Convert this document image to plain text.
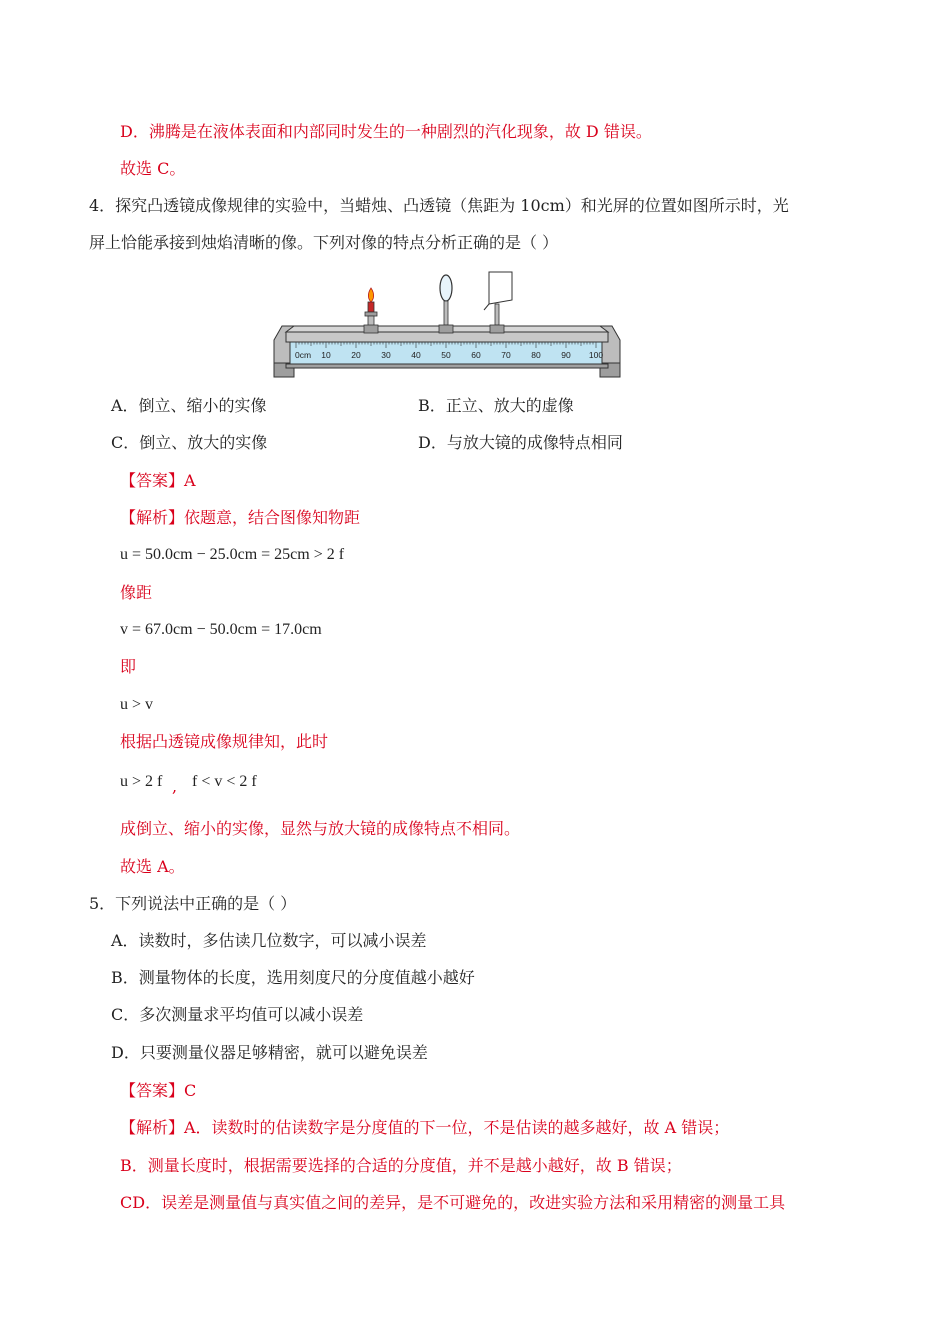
D．沸腾是在液体表面和内部同时发生的一种剧烈的汽化现象，故 D 错误。
故选 C。
4．探究凸透镜成像规律的实验中，当蜡烛、凸透镜（焦距为 10cm）和光屏的位置如图所示时，光
屏上恰能承接到烛焰清晰的像。下列对像的特点分析正确的是（ ）
0cm 10 20 30 40 50 60 70 80 90 100
A．倒立、缩小的实像	B．正立、放大的虚像
C．倒立、放大的实像	D．与放大镜的成像特点相同
【答案】A
【解析】依题意，结合图像知物距
u = 50.0cm − 25.0cm = 25cm > 2 f
像距
v = 67.0cm − 50.0cm = 17.0cm
即
u > v
根据凸透镜成像规律知，此时
u > 2 f , f < v < 2 f
成倒立、缩小的实像，显然与放大镜的成像特点不相同。
故选 A。
5．下列说法中正确的是（ ）
A．读数时，多估读几位数字，可以减小误差
B．测量物体的长度，选用刻度尺的分度值越小越好
C．多次测量求平均值可以减小误差
D．只要测量仪器足够精密，就可以避免误差
【答案】C
【解析】A．读数时的估读数字是分度值的下一位，不是估读的越多越好，故 A 错误；
B．测量长度时，根据需要选择的合适的分度值，并不是越小越好，故 B 错误；
CD．误差是测量值与真实值之间的差异，是不可避免的，改进实验方法和采用精密的测量工具
